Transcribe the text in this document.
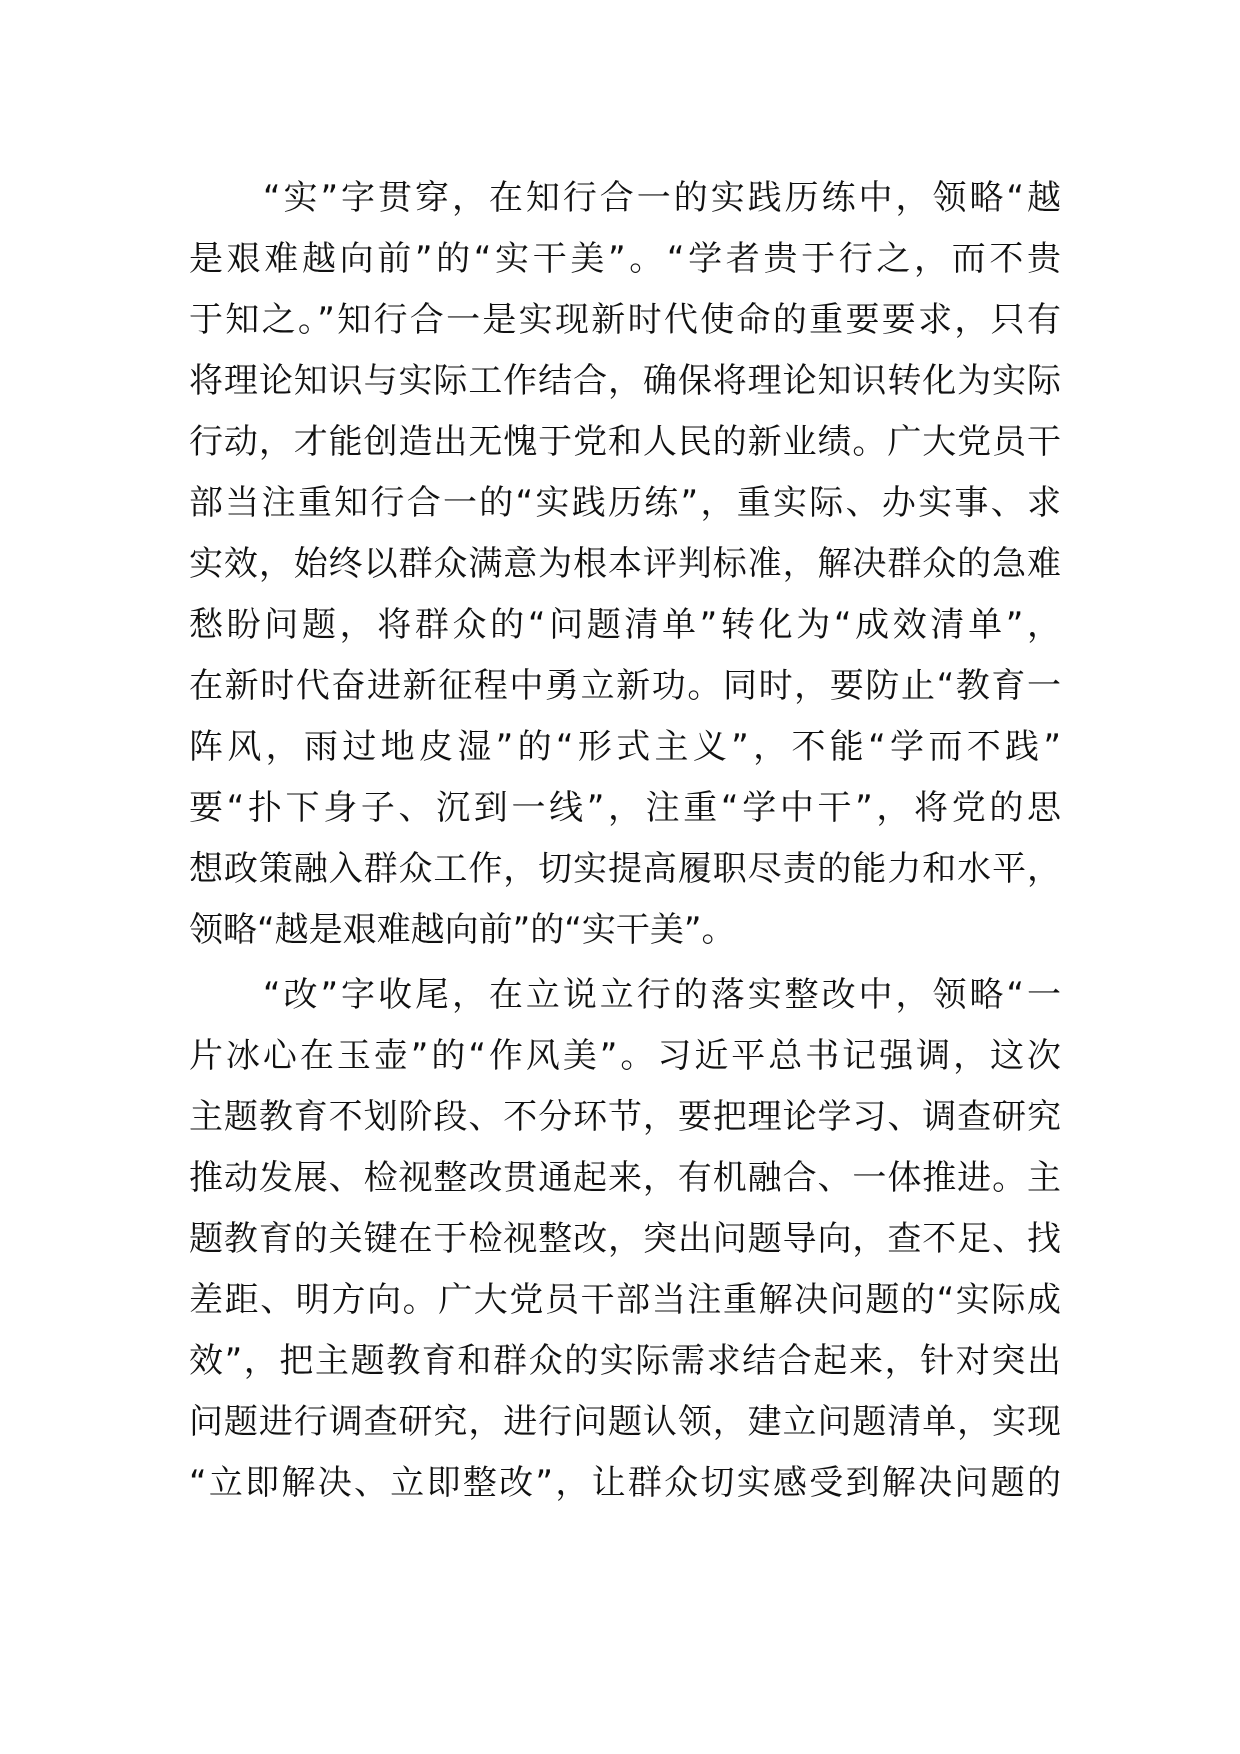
　　“实”字贯穿，在知行合一的实践历练中，领略“越
是艰难越向前”的“实干美”。“学者贵于行之，而不贵
于知之。”知行合一是实现新时代使命的重要要求，只有
将理论知识与实际工作结合，确保将理论知识转化为实际
行动，才能创造出无愧于党和人民的新业绩。广大党员干
部当注重知行合一的“实践历练”，重实际、办实事、求
实效，始终以群众满意为根本评判标准，解决群众的急难
愁盼问题，将群众的“问题清单”转化为“成效清单”，
在新时代奋进新征程中勇立新功。同时，要防止“教育一
阵风，雨过地皮湿”的“形式主义”，不能“学而不践”
要“扑下身子、沉到一线”，注重“学中干”，将党的思
想政策融入群众工作，切实提高履职尽责的能力和水平，
领略“越是艰难越向前”的“实干美”。
　　“改”字收尾，在立说立行的落实整改中，领略“一
片冰心在玉壶”的“作风美”。习近平总书记强调，这次
主题教育不划阶段、不分环节，要把理论学习、调查研究
推动发展、检视整改贯通起来，有机融合、一体推进。主
题教育的关键在于检视整改，突出问题导向，查不足、找
差距、明方向。广大党员干部当注重解决问题的“实际成
效”，把主题教育和群众的实际需求结合起来，针对突出
问题进行调查研究，进行问题认领，建立问题清单，实现
“立即解决、立即整改”，让群众切实感受到解决问题的
